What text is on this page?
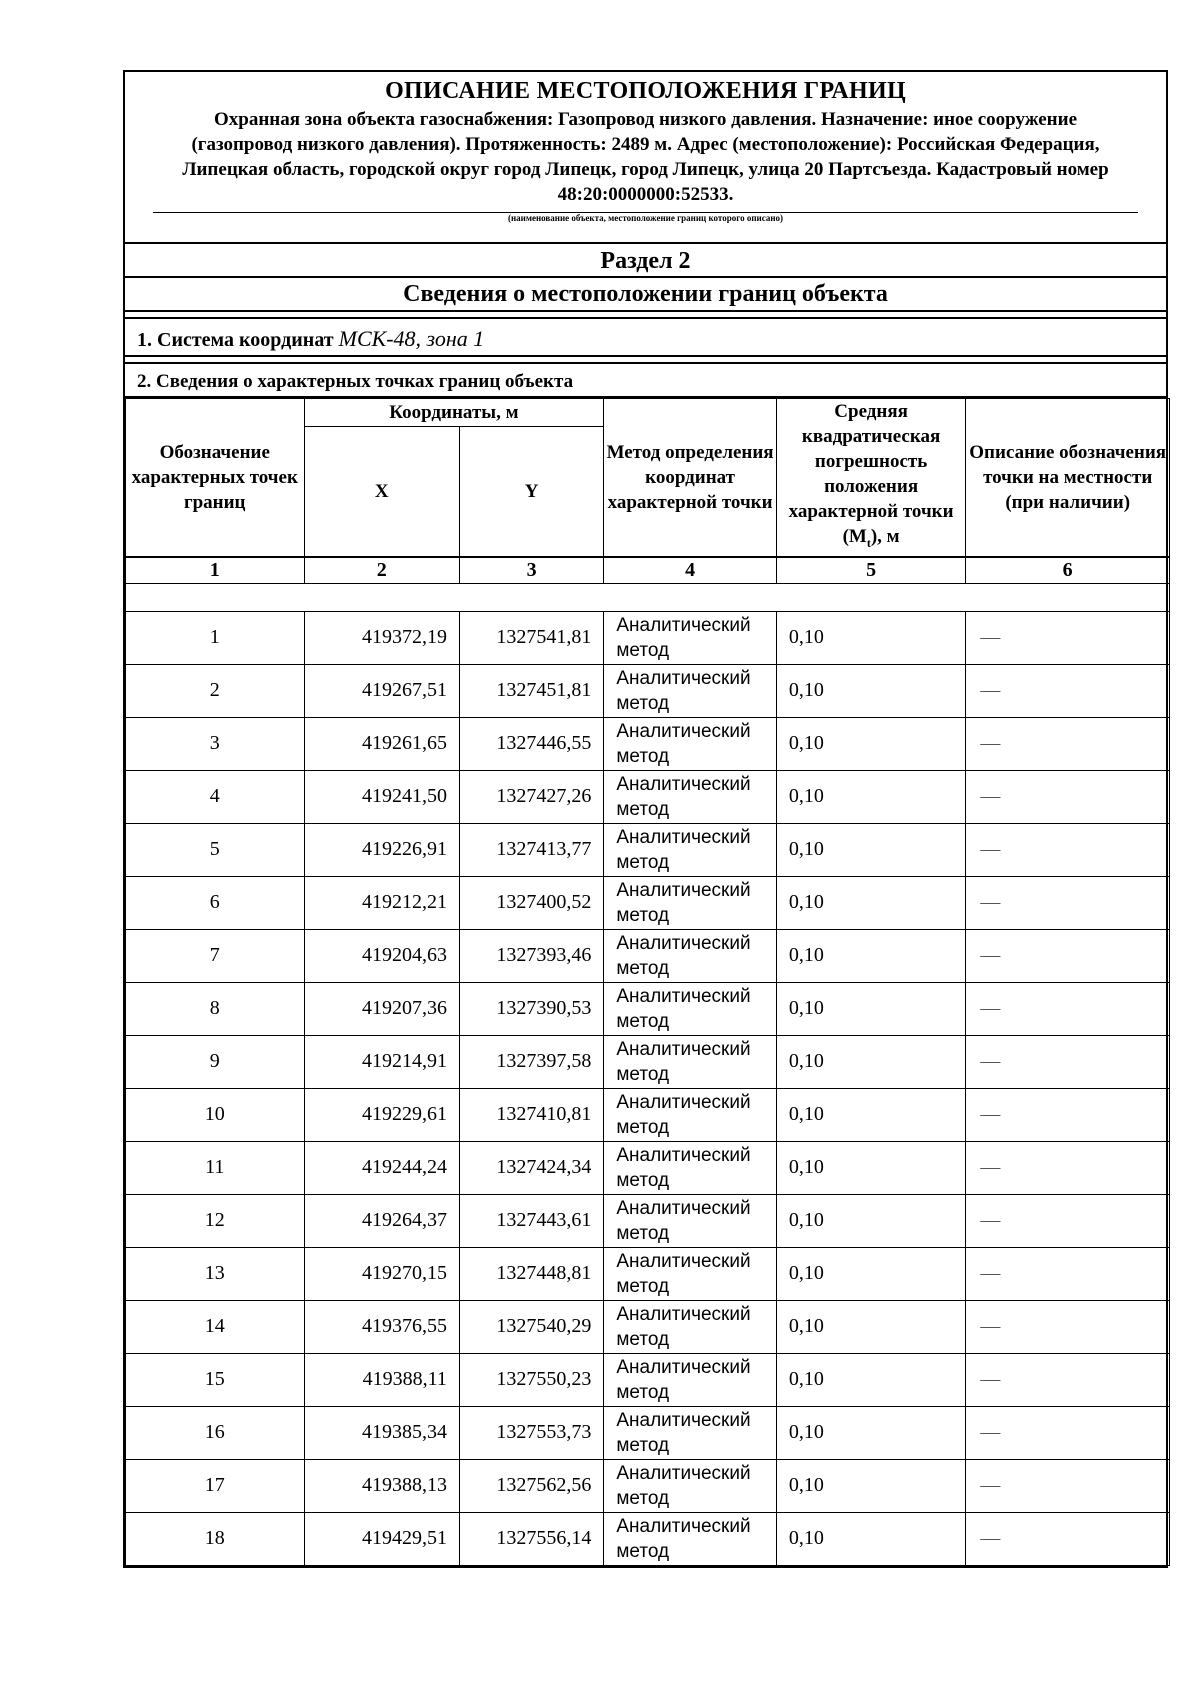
ОПИСАНИЕ МЕСТОПОЛОЖЕНИЯ ГРАНИЦ
Охранная зона объекта газоснабжения: Газопровод низкого давления. Назначение: иное сооружение (газопровод низкого давления). Протяженность: 2489 м. Адрес (местоположение): Российская Федерация, Липецкая область, городской округ город Липецк, город Липецк, улица 20 Партсъезда. Кадастровый номер 48:20:0000000:52533.
(наименование объекта, местоположение границ которого описано)
Раздел 2
Сведения о местоположении границ объекта
1. Система координат МСК-48, зона 1
2. Сведения о характерных точках границ объекта
Обозначение характерных точек границ	Координаты, м		Метод определения координат характерной точки	Средняя квадратическая погрешность положения характерной точки $(M_t)$, м	Описание обозначения точки на местности (при наличии)
	X	Y			
1	2	3	4	5	6

1	419372,19	1327541,81	Аналитический метод	0,10	—
2	419267,51	1327451,81	Аналитический метод	0,10	—
3	419261,65	1327446,55	Аналитический метод	0,10	—
4	419241,50	1327427,26	Аналитический метод	0,10	—
5	419226,91	1327413,77	Аналитический метод	0,10	—
6	419212,21	1327400,52	Аналитический метод	0,10	—
7	419204,63	1327393,46	Аналитический метод	0,10	—
8	419207,36	1327390,53	Аналитический метод	0,10	—
9	419214,91	1327397,58	Аналитический метод	0,10	—
10	419229,61	1327410,81	Аналитический метод	0,10	—
11	419244,24	1327424,34	Аналитический метод	0,10	—
12	419264,37	1327443,61	Аналитический метод	0,10	—
13	419270,15	1327448,81	Аналитический метод	0,10	—
14	419376,55	1327540,29	Аналитический метод	0,10	—
15	419388,11	1327550,23	Аналитический метод	0,10	—
16	419385,34	1327553,73	Аналитический метод	0,10	—
17	419388,13	1327562,56	Аналитический метод	0,10	—
18	419429,51	1327556,14	Аналитический метод	0,10	—
